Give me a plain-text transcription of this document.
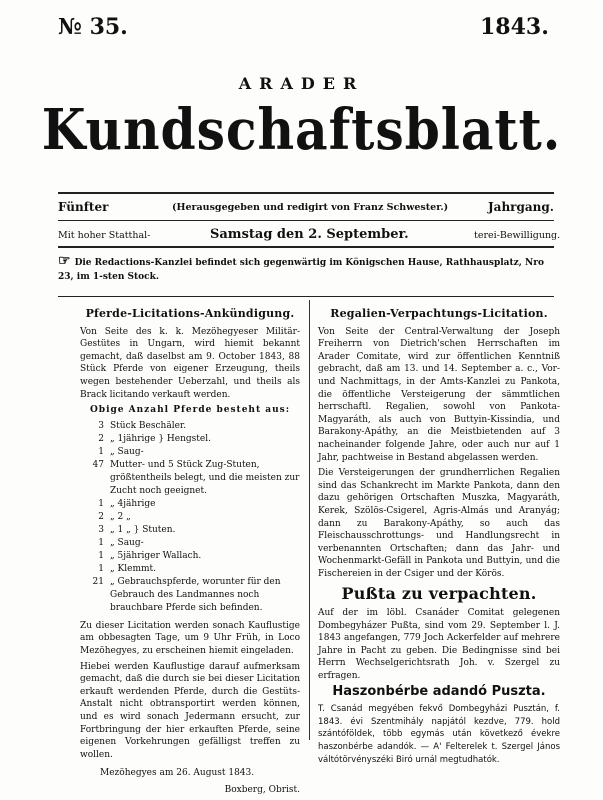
№ 35.	1843.
ARADER
Kundschaftsblatt.
Fünfter	(Herausgegeben und redigirt von Franz Schwester.)	Jahrgang.
Mit hoher Statthal-	Samstag den 2. September.	terei-Bewilligung.
☞ Die Redactions-Kanzlei befindet sich gegenwärtig im Königschen Hause, Rathhausplatz, Nro 23, im 1-sten Stock.
Pferde-Licitations-Ankündigung.

Von Seite des k. k. Mezöhegyeser Militär-Gestütes in Ungarn, wird hiemit bekannt gemacht, daß daselbst am 9. October 1843, 88 Stück Pferde von eigener Erzeugung, theils wegen bestehender Ueberzahl, und theils als Brack licitando verkauft werden.

Obige Anzahl Pferde besteht aus:

3 Stück Beschäler.
2 „ 1jährige } Hengstel.
1 „ Saug-
47 Mutter- und 5 Stück Zug-Stuten, größtentheils belegt, und die meisten zur Zucht noch geeignet.
1 „ 4jährige
2 „ 2 „
3 „ 1 „ } Stuten.
1 „ Saug-
1 „ 5jähriger Wallach.
1 „ Klemmt.
21 „ Gebrauchspferde, worunter für den Gebrauch des Landmannes noch brauchbare Pferde sich befinden.

Zu dieser Licitation werden sonach Kauflustige am obbesagten Tage, um 9 Uhr Früh, in Loco Mezöhegyes, zu erscheinen hiemit eingeladen.

Hiebei werden Kauflustige darauf aufmerksam gemacht, daß die durch sie bei dieser Licitation erkauft werdenden Pferde, durch die Gestüts-Anstalt nicht obtransportirt werden können, und es wird sonach Jedermann ersucht, zur Fortbringung der hier erkauften Pferde, seine eigenen Vorkehrungen gefälligst treffen zu wollen.

Mezöhegyes am 26. August 1843.
Boxberg, Obrist.
Regalien-Verpachtungs-Licitation.

Von Seite der Central-Verwaltung der Joseph Freiherrn von Dietrich'schen Herrschaften im Arader Comitate, wird zur öffentlichen Kenntniß gebracht, daß am 13. und 14. September a. c., Vor- und Nachmittags, in der Amts-Kanzlei zu Pankota, die öffentliche Versteigerung der sämmtlichen herrschaftl. Regalien, sowohl von Pankota-Magyaráth, als auch von Buttyin-Kissindia, und Barakony-Apáthy, an die Meistbietenden auf 3 nacheinander folgende Jahre, oder auch nur auf 1 Jahr, pachtweise in Bestand abgelassen werden.

Die Versteigerungen der grundherrlichen Regalien sind das Schankrecht im Markte Pankota, dann den dazu gehörigen Ortschaften Muszka, Magyaráth, Kerek, Szölös-Csigerel, Agris-Almás und Aranyág; dann zu Barakony-Apáthy, so auch das Fleischausschrottungs- und Handlungsrecht in verbenannten Ortschaften; dann das Jahr- und Wochenmarkt-Gefäll in Pankota und Buttyin, und die Fischereien in der Csiger und der Körös.

Pußta zu verpachten.

Auf der im löbl. Csanáder Comitat gelegenen Dombegyházer Pußta, sind vom 29. September l. J. 1843 angefangen, 779 Joch Ackerfelder auf mehrere Jahre in Pacht zu geben. Die Bedingnisse sind bei Herrn Wechselgerichtsrath Joh. v. Szergel zu erfragen.

Haszonbérbe adandó Puszta.

T. Csanád megyében fekvő Dombegyházi Pusztán, f. 1843. évi Szentmihály napjától kezdve, 779. hold szántóföldek, több egymás után következő évekre haszonbérbe adandók. — A' Felterelek t. Szergel János váltótörvényszéki Biró urnál megtudhatók.
